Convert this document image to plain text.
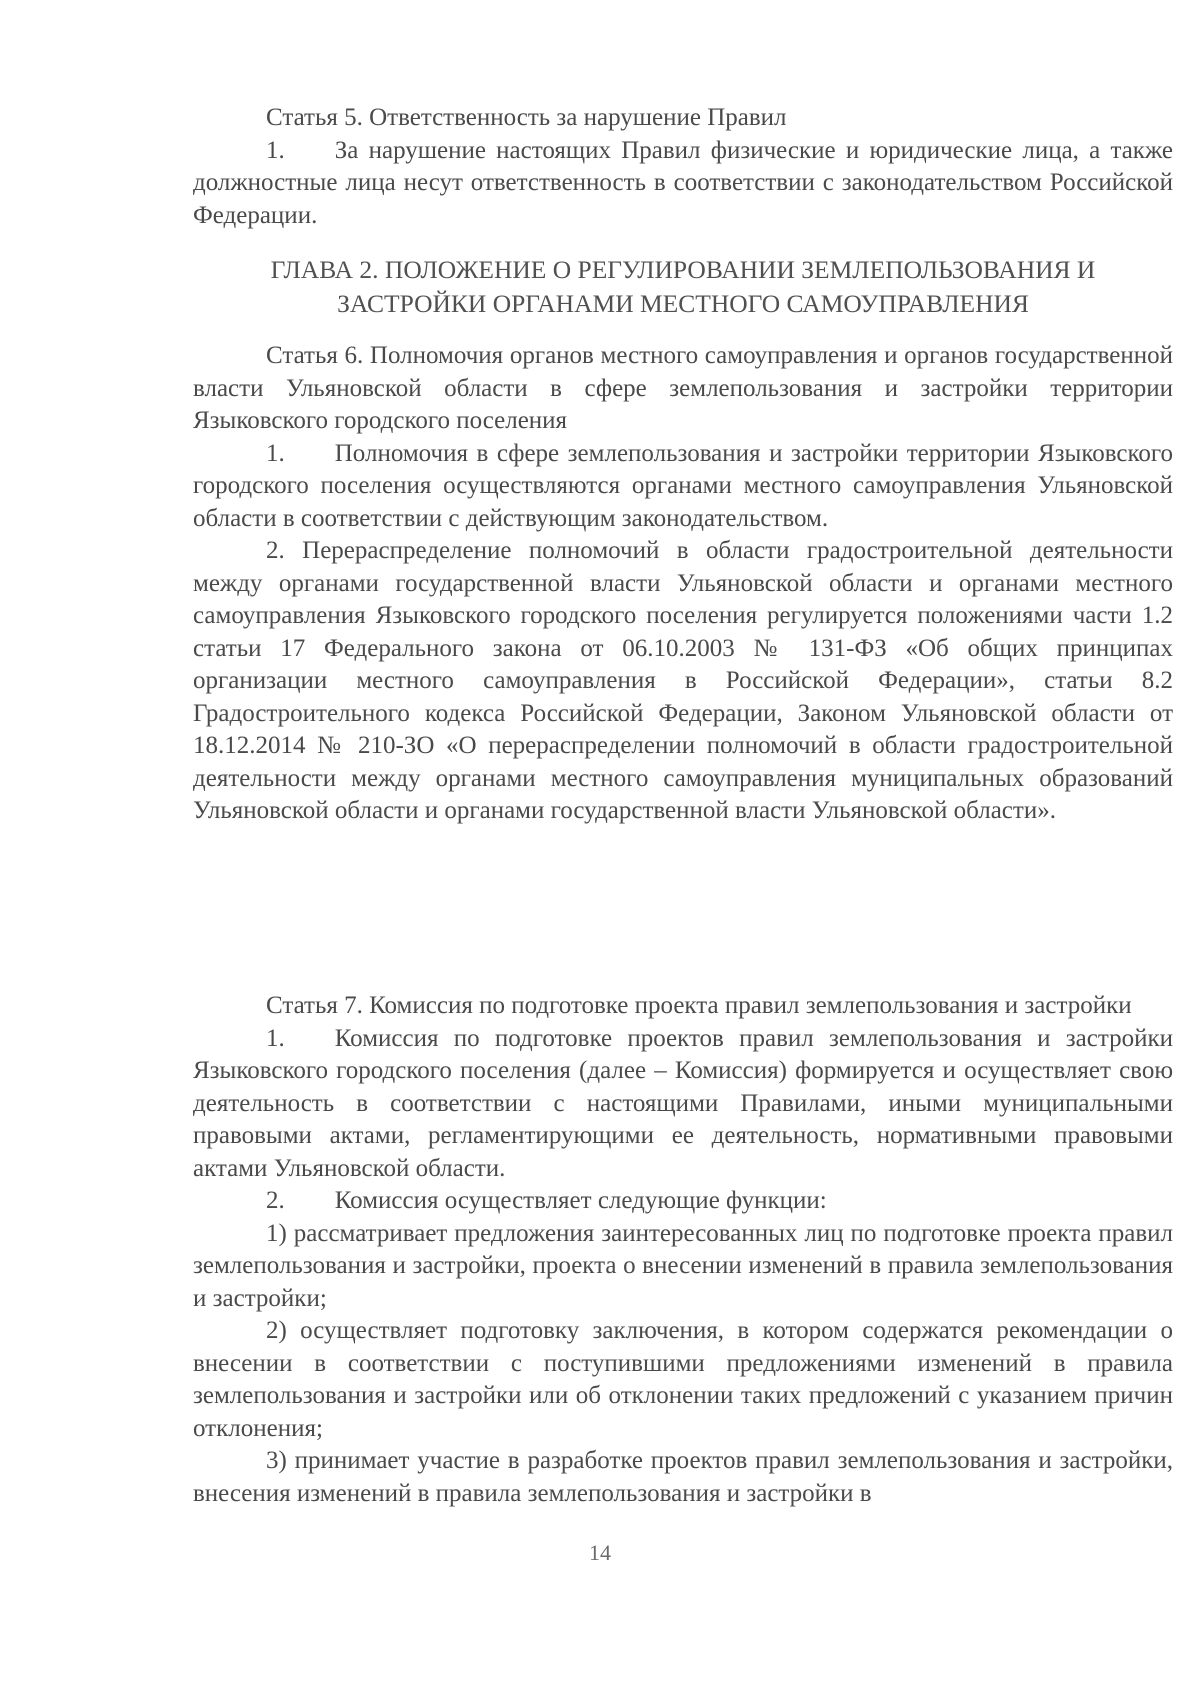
Статья 5. Ответственность за нарушение Правил

1.  За нарушение настоящих Правил физические и юридические лица, а также должностные лица несут ответственность в соответствии с законодательством Российской Федерации.

ГЛАВА 2. ПОЛОЖЕНИЕ О РЕГУЛИРОВАНИИ ЗЕМЛЕПОЛЬЗОВАНИЯ И
ЗАСТРОЙКИ ОРГАНАМИ МЕСТНОГО САМОУПРАВЛЕНИЯ

Статья 6. Полномочия органов местного самоуправления и органов государственной власти Ульяновской области в сфере землепользования и застройки территории Языковского городского поселения

1.  Полномочия в сфере землепользования и застройки территории Языковского городского поселения осуществляются органами местного самоуправления Ульяновской области в соответствии с действующим законодательством.

2. Перераспределение полномочий в области градостроительной деятельности между органами государственной власти Ульяновской области и органами местного самоуправления Языковского городского поселения регулируется положениями части 1.2 статьи 17 Федерального закона от 06.10.2003 № 131-ФЗ «Об общих принципах организации местного самоуправления в Российской Федерации», статьи 8.2 Градостроительного кодекса Российской Федерации, Законом Ульяновской области от 18.12.2014 № 210-ЗО «О перераспределении полномочий в области градостроительной деятельности между органами местного самоуправления муниципальных образований Ульяновской области и органами государственной власти Ульяновской области».

Статья 7. Комиссия по подготовке проекта правил землепользования и застройки

1.  Комиссия по подготовке проектов правил землепользования и застройки Языковского городского поселения (далее – Комиссия) формируется и осуществляет свою деятельность в соответствии с настоящими Правилами, иными муниципальными правовыми актами, регламентирующими ее деятельность, нормативными правовыми актами Ульяновской области.

2.  Комиссия осуществляет следующие функции:

1) рассматривает предложения заинтересованных лиц по подготовке проекта правил землепользования и застройки, проекта о внесении изменений в правила землепользования и застройки;

2) осуществляет подготовку заключения, в котором содержатся рекомендации о внесении в соответствии с поступившими предложениями изменений в правила землепользования и застройки или об отклонении таких предложений с указанием причин отклонения;

3) принимает участие в разработке проектов правил землепользования и застройки, внесения изменений в правила землепользования и застройки в

14
